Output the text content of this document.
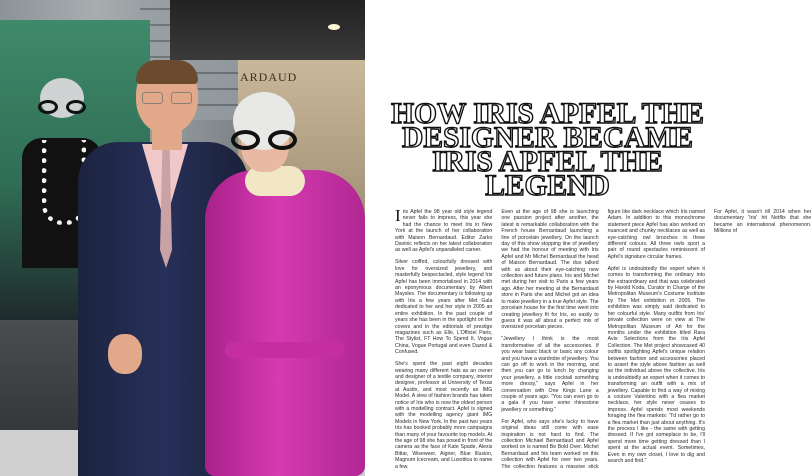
ARDAUD
HOW IRIS APFEL THE DESIGNER BECAME IRIS APFEL THE LEGEND

Iris Apfel the 98 year old style legend never fails to impress, this year she had the chance to meet Iris in New York at the launch of her collaboration with Maison Bernardaud. Editor Zarko Davinic reflects on her latest collaboration as well as Apfel's unparalleled career.

Silver coiffed, colourfully dressed with love for oversized jewellery, and masterfully bespectacled, style legend Iris Apfel has been immortalised in 2014 with an eponymous documentary by Albert Maysles. The documentary is following up with Iris a few years after Met Gala dedicated to her and her style in 2005 an entire exhibition. In the past couple of years she has been in the spotlight on the covers and in the editorials of prestige magazines such as Elle, L'Officiel Paris, The Stylist, FT How To Spend It, Vogue China, Vogue Portugal and even Dazed & Confused.

She's spent the past eight decades wearing many different hats as an owner and designer of a textile company, interior designer, professor at University of Texas at Austin, and most recently an IMG Model. A slew of fashion brands has taken notice of Iris who is now the oldest person with a modelling contract. Apfel is signed with the modelling agency giant IMG Models in New York. In the past two years Iris has booked probably more campaigns than many of your favourite top models. At the age of 98 she has posed in front of the camera as the face of Kate Spade, Alexis Bittar, Wiseweer, Aigner, Blue Illusion, Magnum Icecream, and Luxottica to name a few.

Even at the age of 98 she is launching one passion project after another, the latest is remarkable collaboration with the French house Bernardaud launching a line of porcelain jewellery. On the launch day of this show stopping line of jewellery we had the honour of meeting with Iris Apfel and Mr Michel Bernardaud the head of Maison Bernardaud. The duo talked with us about their eye-catching new collection and future plans. Iris and Michel met during her visit to Paris a few years ago. After her meeting at the Bernardaud store in Paris she and Michel got an idea to make jewellery in a true Apfel style. The porcelain house for the first time went into creating jewellery fit for Iris, so easily to guess it was all about a perfect mix of oversized porcelain pieces.

"Jewellery I think is the most transformative of all the accessories. If you wear basic black or basic any colour and you have a wardrobe of jewellery. You can go off to work in the morning, and then you can go to lunch by changing your jewellery, a little cocktail something more dressy," says Apfel in her conversation with One Kings Lane a couple of years ago. "You can even go to a gala if you have some rhinestone jewellery or something."

For Apfel, who says she's lucky to have original ideas still come with ease inspiration is not hard to find. The collection Michael Bernardaud and Apfel worked on is named Be Bold Over. Michel Bernardaud and his team worked on this collection with Apfel for over two years. The collection features a massive stick figure like dark necklace which Iris named Adam. In addition to this monochrome statement piece Apfel has also worked on nuanced and chunky necklaces as well as eye-catching owl brooches in three different colours. All three owls sport a pair of round spectacles reminiscent of Apfel's signature circular frames.

Apfel is undoubtedly the expert when it comes to transforming the ordinary into the extraordinary and that was celebrated by Harold Koda, Curator in Charge of the Metropolitan Museum's Costume Institute by The Met exhibition in 2005. The exhibition was simply said dedicated to her colourful style. Many outfits from Iris' private collection were on view at The Metropolitan Museum of Art for the months under the exhibition titled Rara Avis: Selections from the Iris Apfel Collection. The Met project showcased 40 outfits spotlighting Apfel's unique relation between fashion and accessories placed to assert the style above fashion as well as the individual above the collective. Iris is undoubtedly an expert when it comes to transforming an outfit with a mix of jewellery. Capable to find a way of mixing a couture Valentino with a flea market necklace, her style never ceases to impress. Apfel spends most weekends foraging the flea markets: "I'd rather go to a flea market than just about anything. It's the process I like - the same with getting dressed. If I've got someplace to be, I'll spend more time getting dressed than I spent at the actual event. Sometimes, Even in my own closet, I love to dig and search and find."

For Apfel, it wasn't till 2014 when her documentary 'Iris' hit Netflix that she became an international phenomenon. Millions of
